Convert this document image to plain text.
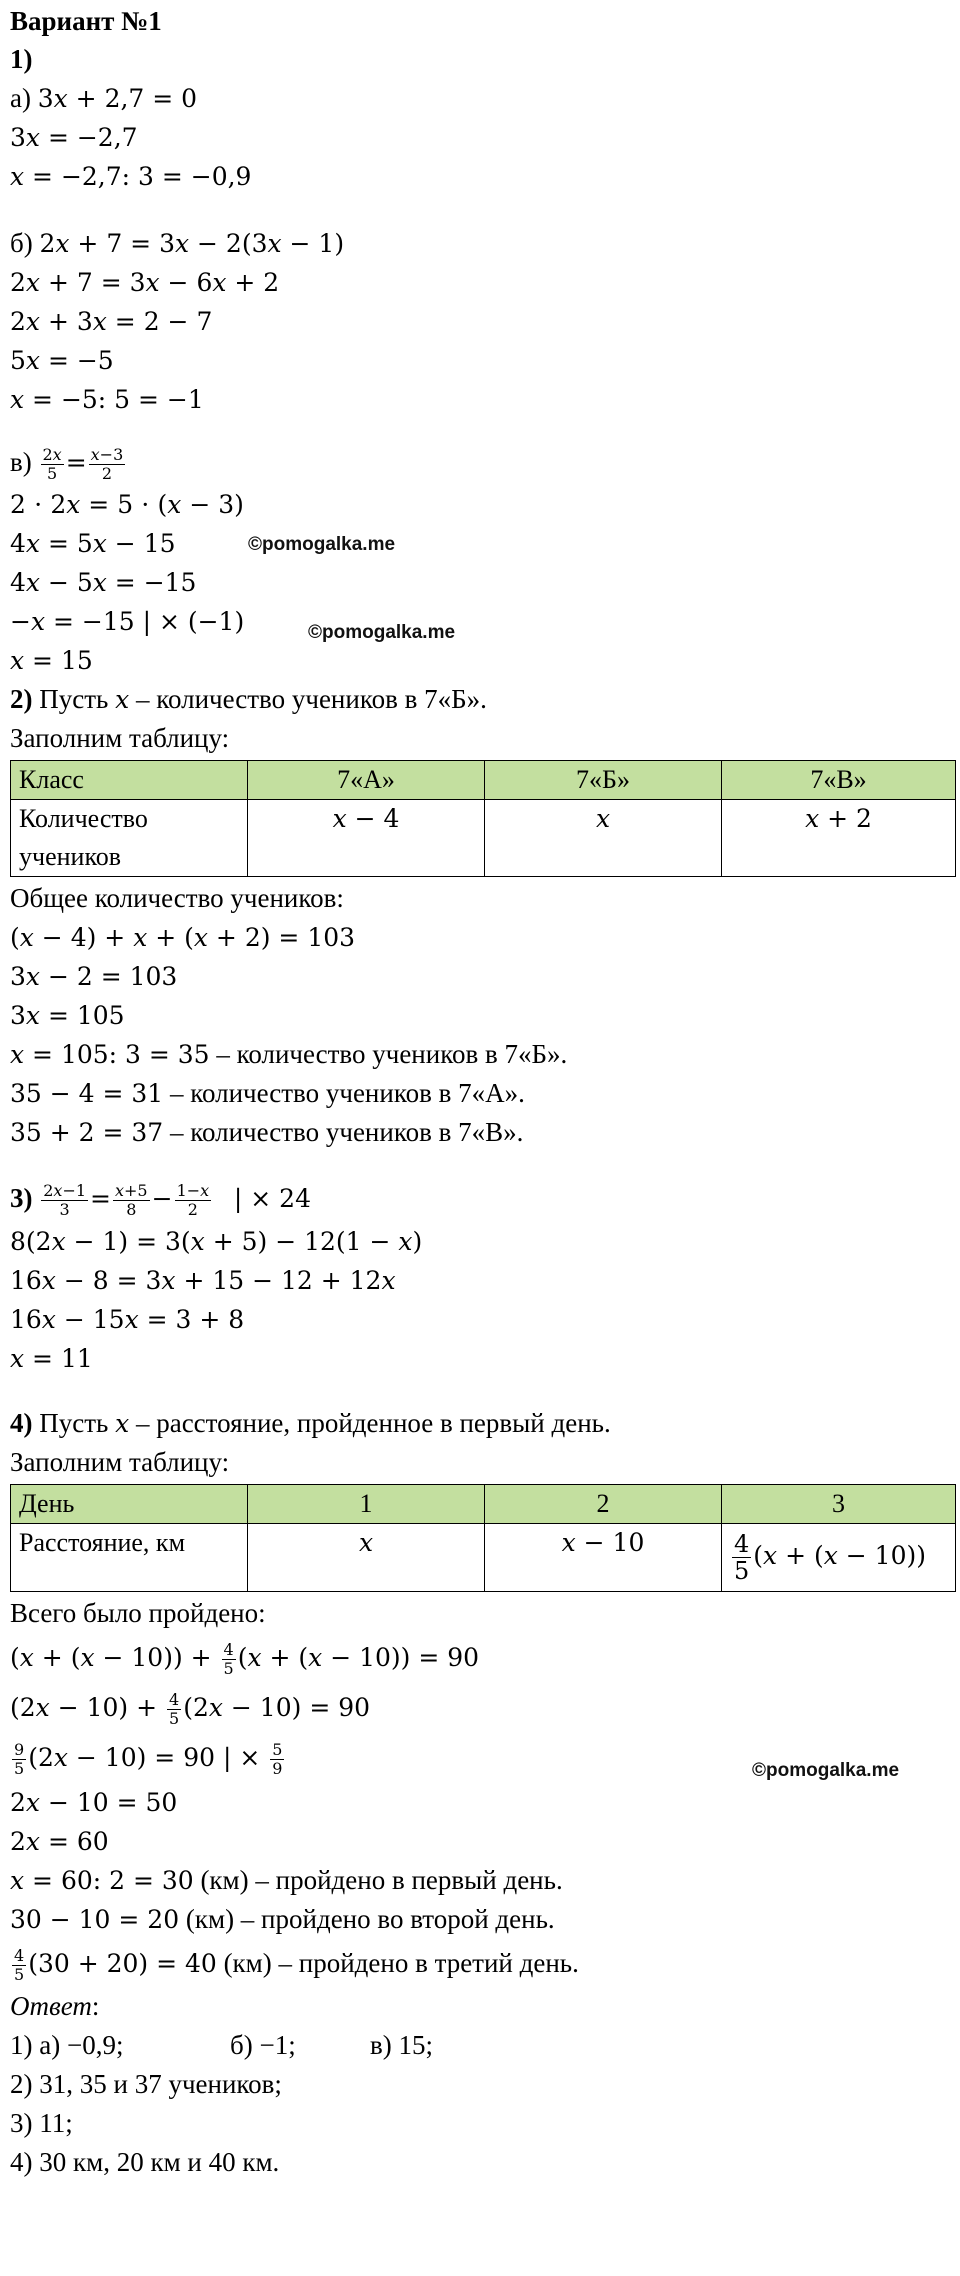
Вариант №1
1)
а) 3𝑥 + 2,7 = 0
3𝑥 = −2,7
𝑥 = −2,7: 3 = −0,9
б) 2𝑥 + 7 = 3𝑥 − 2(3𝑥 − 1)
2𝑥 + 7 = 3𝑥 − 6𝑥 + 2
2𝑥 + 3𝑥 = 2 − 7
5𝑥 = −5
𝑥 = −5: 5 = −1
$в) \frac{\text{2𝑥}}{5} = \frac{\text{𝑥−3}}{2}$
2 ⋅ 2𝑥 = 5 ⋅ (𝑥 − 3)
4𝑥 = 5𝑥 − 15
4𝑥 − 5𝑥 = −15
−𝑥 = −15 | × (−1)
𝑥 = 15
2) Пусть 𝑥 – количество учеников в 7«Б».
Заполним таблицу:
Класс	7«А»	7«Б»	7«В»
Количество учеников	𝑥 − 4	𝑥	𝑥 + 2
Общее количество учеников:
(𝑥 − 4) + 𝑥 + (𝑥 + 2) = 103
3𝑥 − 2 = 103
3𝑥 = 105
𝑥 = 105: 3 = 35 – количество учеников в 7«Б».
35 − 4 = 31 – количество учеников в 7«А».
35 + 2 = 37 – количество учеников в 7«В».
$3) \frac{\text{2𝑥−1}}{3} = \frac{\text{𝑥+5}}{8} - \frac{\text{1−𝑥}}{2}$ | × 24
8(2𝑥 − 1) = 3(𝑥 + 5) − 12(1 − 𝑥)
16𝑥 − 8 = 3𝑥 + 15 − 12 + 12𝑥
16𝑥 − 15𝑥 = 3 + 8
𝑥 = 11
4) Пусть 𝑥 – расстояние, пройденное в первый день.
Заполним таблицу:
День	1	2	3
Расстояние, км	𝑥	𝑥 − 10	$\frac{4}{5}$ (𝑥 + (𝑥 − 10))
Всего было пройдено:
(𝑥 + (𝑥 − $10)) + \frac{4}{5}$ (𝑥 + (𝑥 − 10)) = 90
(2𝑥 − $10) + \frac{4}{5}$ (2𝑥 − 10) = 90
$\frac{9}{5}$ (2𝑥 − 10) = 90 | × $\frac{5}{9}$
2𝑥 − 10 = 50
2𝑥 = 60
𝑥 = 60: 2 = 30 (км) – пройдено в первый день.
30 − 10 = 20 (км) – пройдено во второй день.
$\frac{4}{5} (30 + 20) = 40$ (км) – пройдено в третий день.
Ответ:
1) а) −0,9;	б) −1;	в) 15;
2) 31, 35 и 37 учеников;
3) 11;
4) 30 км, 20 км и 40 км.
©pomogalka.me
©pomogalka.me
©pomogalka.me
